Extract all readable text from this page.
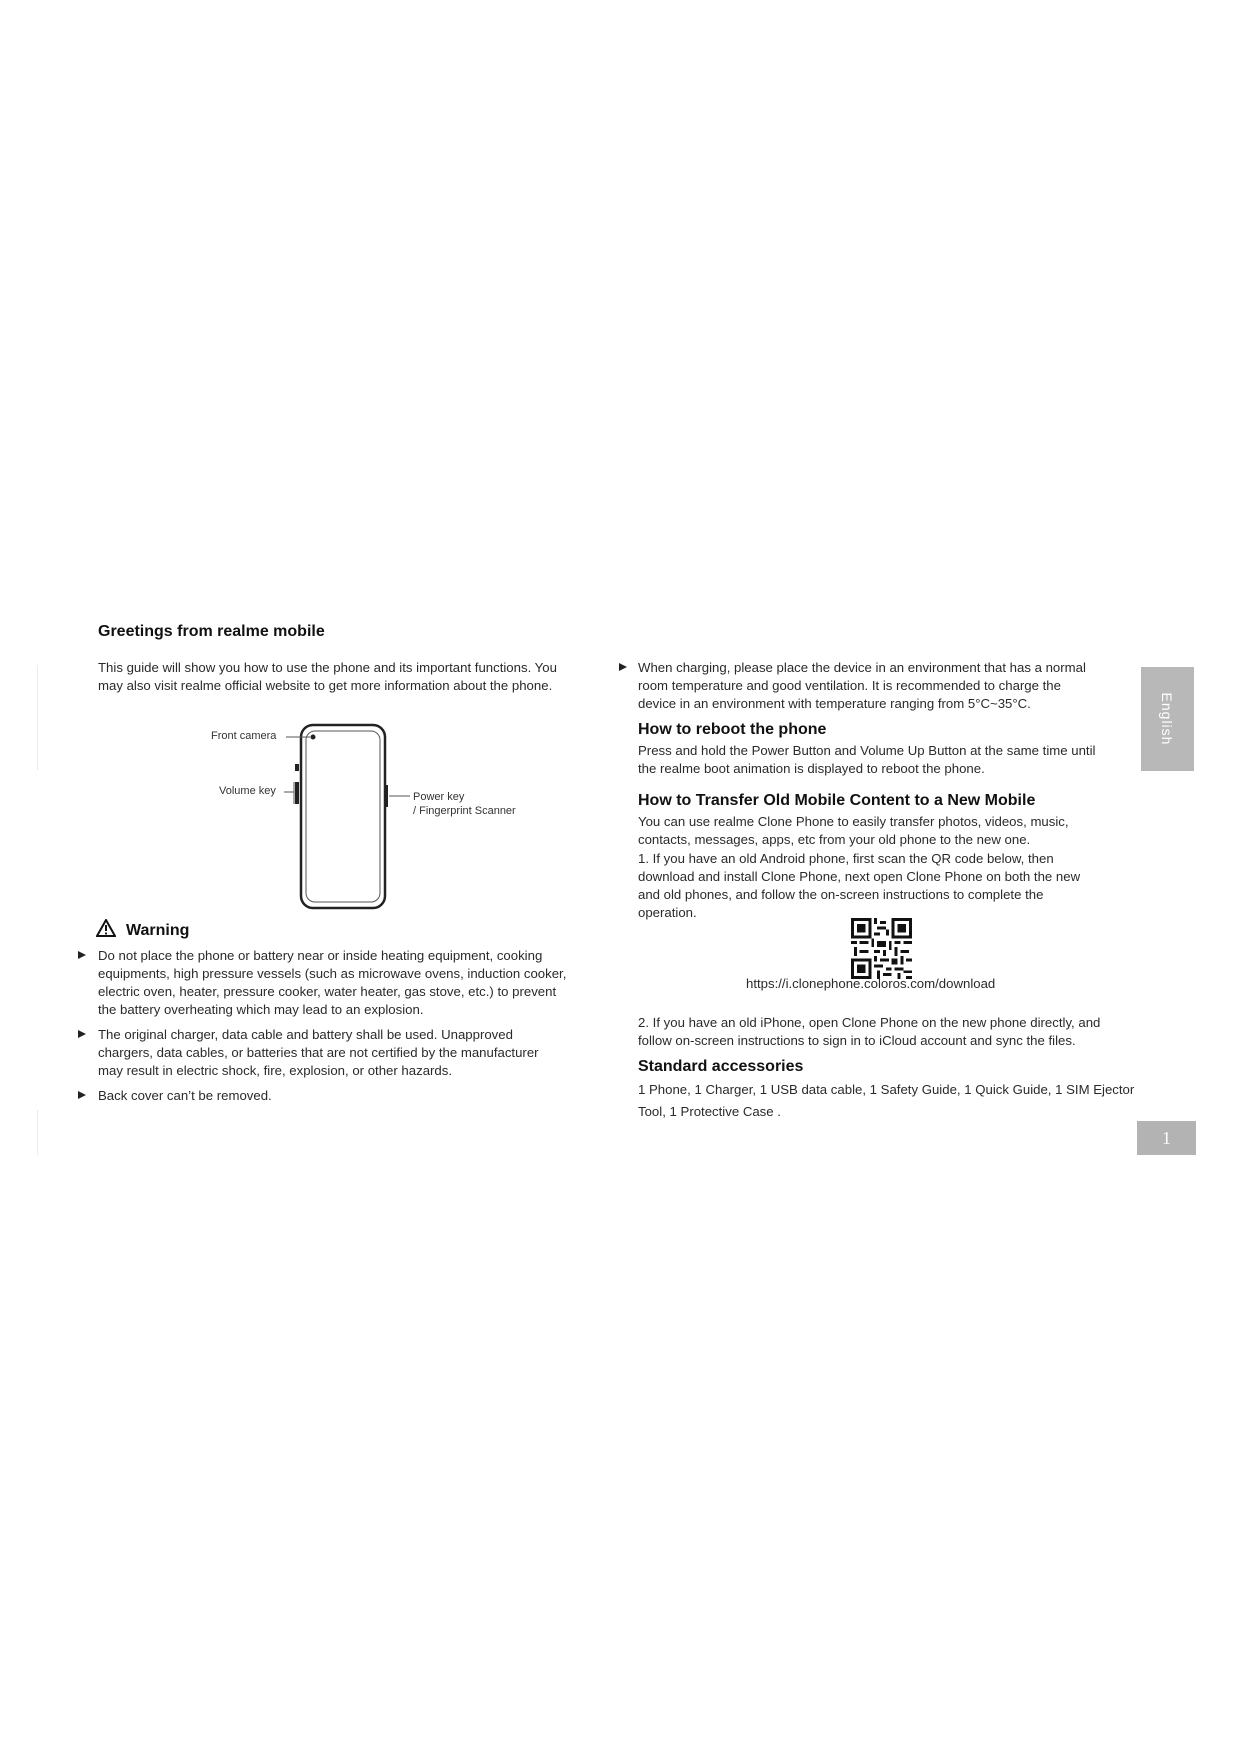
English
1
Greetings from realme mobile
This guide will show you how to use the phone and its important functions. You
may also visit realme official website to get more information about the phone.
Front camera
Volume key	Power key
/ Fingerprint Scanner
Warning
Do not place the phone or battery near or inside heating equipment, cooking
equipments, high pressure vessels (such as microwave ovens, induction cooker,
electric oven, heater, pressure cooker, water heater, gas stove, etc.) to prevent
the battery overheating which may lead to an explosion.
The original charger, data cable and battery shall be used. Unapproved
chargers, data cables, or batteries that are not certified by the manufacturer
may result in electric shock, fire, explosion, or other hazards.
Back cover can’t be removed.
When charging, please place the device in an environment that has a normal
room temperature and good ventilation. It is recommended to charge the
device in an environment with temperature ranging from 5°C~35°C.
How to reboot the phone
Press and hold the Power Button and Volume Up Button at the same time until
the realme boot animation is displayed to reboot the phone.
How to Transfer Old Mobile Content to a New Mobile
You can use realme Clone Phone to easily transfer photos, videos, music,
contacts, messages, apps, etc from your old phone to the new one.
1. If you have an old Android phone, first scan the QR code below, then
download and install Clone Phone, next open Clone Phone on both the new
and old phones, and follow the on-screen instructions to complete the
operation.
https://i.clonephone.coloros.com/download
2. If you have an old iPhone, open Clone Phone on the new phone directly, and
follow on-screen instructions to sign in to iCloud account and sync the files.
Standard accessories
1 Phone, 1 Charger, 1 USB data cable, 1 Safety Guide, 1 Quick Guide, 1 SIM Ejector
Tool, 1 Protective Case .
